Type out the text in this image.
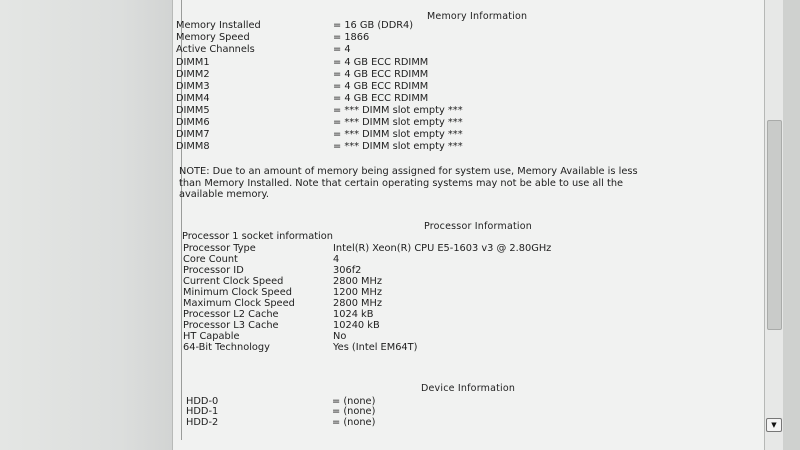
Memory Information
Memory Installed	= 16 GB (DDR4)
Memory Speed	= 1866
Active Channels	= 4
DIMM1	= 4 GB ECC RDIMM
DIMM2	= 4 GB ECC RDIMM
DIMM3	= 4 GB ECC RDIMM
DIMM4	= 4 GB ECC RDIMM
DIMM5	= *** DIMM slot empty ***
DIMM6	= *** DIMM slot empty ***
DIMM7	= *** DIMM slot empty ***
DIMM8	= *** DIMM slot empty ***
NOTE: Due to an amount of memory being assigned for system use, Memory Available is less
than Memory Installed. Note that certain operating systems may not be able to use all the
available memory.
Processor Information
Processor 1 socket information
Processor Type	Intel(R) Xeon(R) CPU E5-1603 v3 @ 2.80GHz
Core Count	4
Processor ID	306f2
Current Clock Speed	2800 MHz
Minimum Clock Speed	1200 MHz
Maximum Clock Speed	2800 MHz
Processor L2 Cache	1024 kB
Processor L3 Cache	10240 kB
HT Capable	No
64-Bit Technology	Yes (Intel EM64T)
Device Information
HDD-0	= (none)
HDD-1	= (none)
HDD-2	= (none)	▼
